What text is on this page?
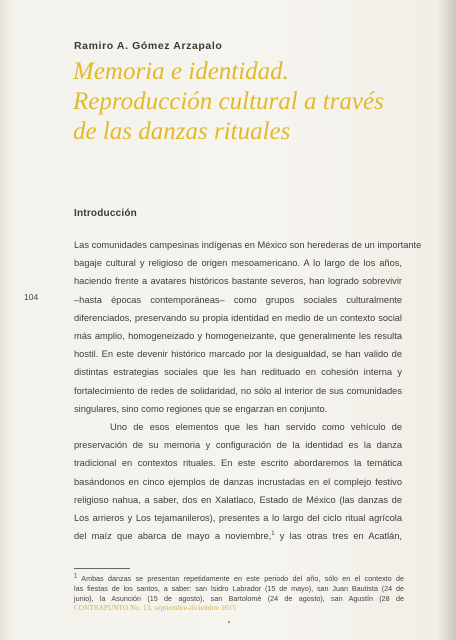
Ramiro A. Gómez Arzapalo
Memoria e identidad.
Reproducción cultural a través
de las danzas rituales
Introducción
104
Las comunidades campesinas indígenas en México son herederas de un importante
bagaje cultural y religioso de origen mesoamericano. A lo largo de los años,
haciendo frente a avatares históricos bastante severos, han logrado sobrevivir
–hasta épocas contemporáneas– como grupos sociales culturalmente
diferenciados, preservando su propia identidad en medio de un contexto social
más amplio, homogeneizado y homogeneizante, que generalmente les resulta
hostil. En este devenir histórico marcado por la desigualdad, se han valido de
distintas estrategias sociales que les han redituado en cohesión interna y
fortalecimiento de redes de solidaridad, no sólo al interior de sus comunidades
singulares, sino como regiones que se engarzan en conjunto.
Uno de esos elementos que les han servido como vehículo de
preservación de su memoria y configuración de la identidad es la danza
tradicional en contextos rituales. En este escrito abordaremos la temática
basándonos en cinco ejemplos de danzas incrustadas en el complejo festivo
religioso nahua, a saber, dos en Xalatlaco, Estado de México (las danzas de
Los arrieros y Los tejamanileros), presentes a lo largo del ciclo ritual agrícola
del maíz que abarca de mayo a noviembre,$^1$ y las otras tres en Acatlán,
$^1$ Ambas danzas se presentan repetidamente en este periodo del año, sólo en el contexto de
las fiestas de los santos, a saber: san Isidro Labrador (15 de mayo), san Juan Bautista (24 de
junio), la Asunción (15 de agosto), san Bartolomé (24 de agosto), san Agustín (28 de
CONTRAPUNTO No. 13, septiembre-diciembre 2015
